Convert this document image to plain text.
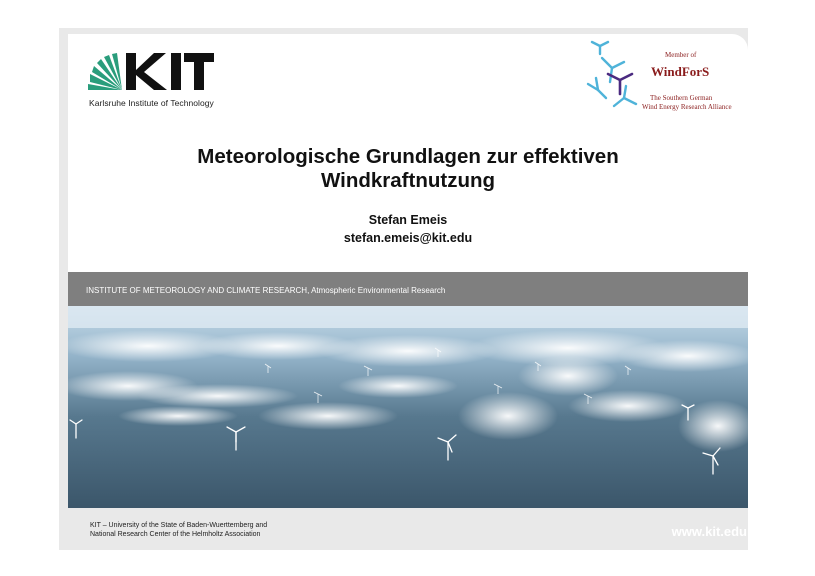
Karlsruhe Institute of Technology
Member of
WindForS
The Southern German
Wind Energy Research Alliance
Meteorologische Grundlagen zur effektiven
Windkraftnutzung
Stefan Emeis
stefan.emeis@kit.edu
INSTITUTE OF METEOROLOGY AND CLIMATE RESEARCH, Atmospheric Environmental Research
KIT – University of the State of Baden-Wuerttemberg and
National Research Center of the Helmholtz Association	www.kit.edu
